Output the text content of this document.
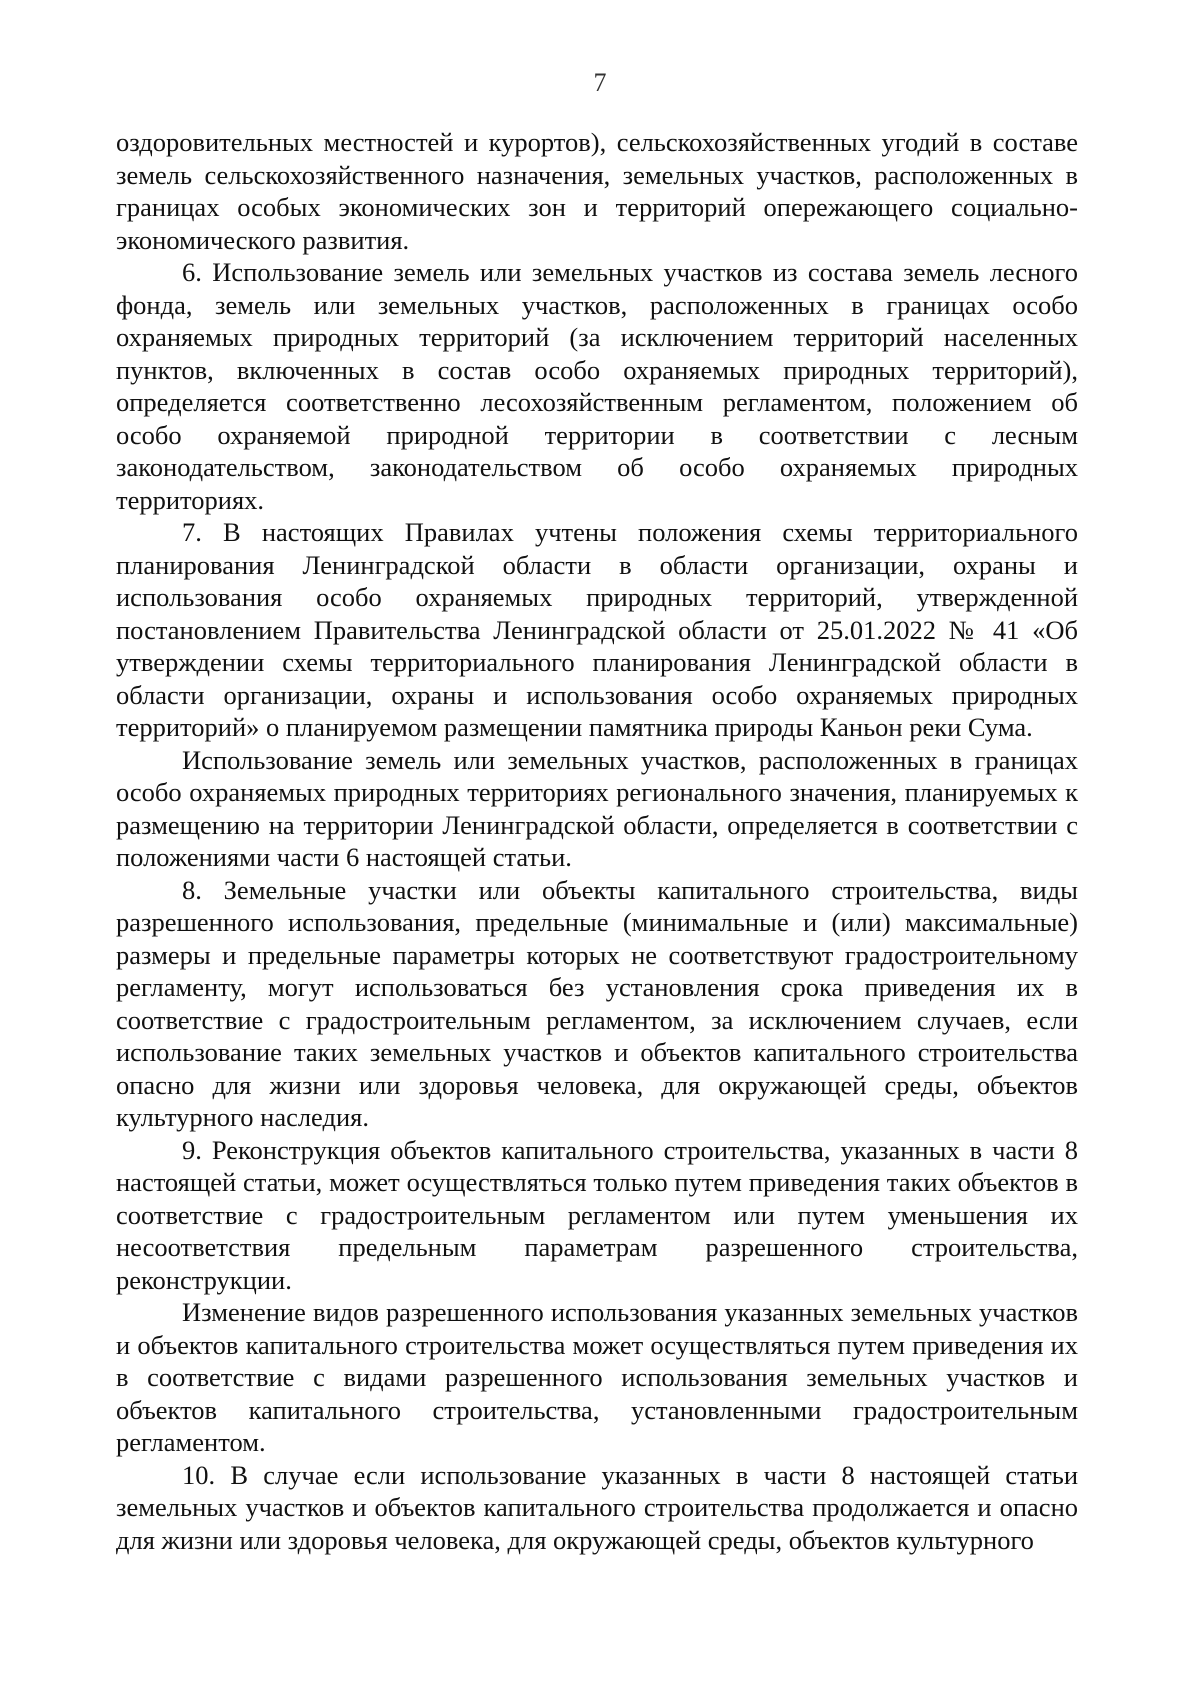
7

оздоровительных местностей и курортов), сельскохозяйственных угодий в составе земель сельскохозяйственного назначения, земельных участков, расположенных в границах особых экономических зон и территорий опережающего социально-экономического развития.

6. Использование земель или земельных участков из состава земель лесного фонда, земель или земельных участков, расположенных в границах особо охраняемых природных территорий (за исключением территорий населенных пунктов, включенных в состав особо охраняемых природных территорий), определяется соответственно лесохозяйственным регламентом, положением об особо охраняемой природной территории в соответствии с лесным законодательством, законодательством об особо охраняемых природных территориях.

7. В настоящих Правилах учтены положения схемы территориального планирования Ленинградской области в области организации, охраны и использования особо охраняемых природных территорий, утвержденной постановлением Правительства Ленинградской области от 25.01.2022 № 41 «Об утверждении схемы территориального планирования Ленинградской области в области организации, охраны и использования особо охраняемых природных территорий» о планируемом размещении памятника природы Каньон реки Сума.

Использование земель или земельных участков, расположенных в границах особо охраняемых природных территориях регионального значения, планируемых к размещению на территории Ленинградской области, определяется в соответствии с положениями части 6 настоящей статьи.

8. Земельные участки или объекты капитального строительства, виды разрешенного использования, предельные (минимальные и (или) максимальные) размеры и предельные параметры которых не соответствуют градостроительному регламенту, могут использоваться без установления срока приведения их в соответствие с градостроительным регламентом, за исключением случаев, если использование таких земельных участков и объектов капитального строительства опасно для жизни или здоровья человека, для окружающей среды, объектов культурного наследия.

9. Реконструкция объектов капитального строительства, указанных в части 8 настоящей статьи, может осуществляться только путем приведения таких объектов в соответствие с градостроительным регламентом или путем уменьшения их несоответствия предельным параметрам разрешенного строительства, реконструкции.

Изменение видов разрешенного использования указанных земельных участков и объектов капитального строительства может осуществляться путем приведения их в соответствие с видами разрешенного использования земельных участков и объектов капитального строительства, установленными градостроительным регламентом.

10. В случае если использование указанных в части 8 настоящей статьи земельных участков и объектов капитального строительства продолжается и опасно для жизни или здоровья человека, для окружающей среды, объектов культурного
